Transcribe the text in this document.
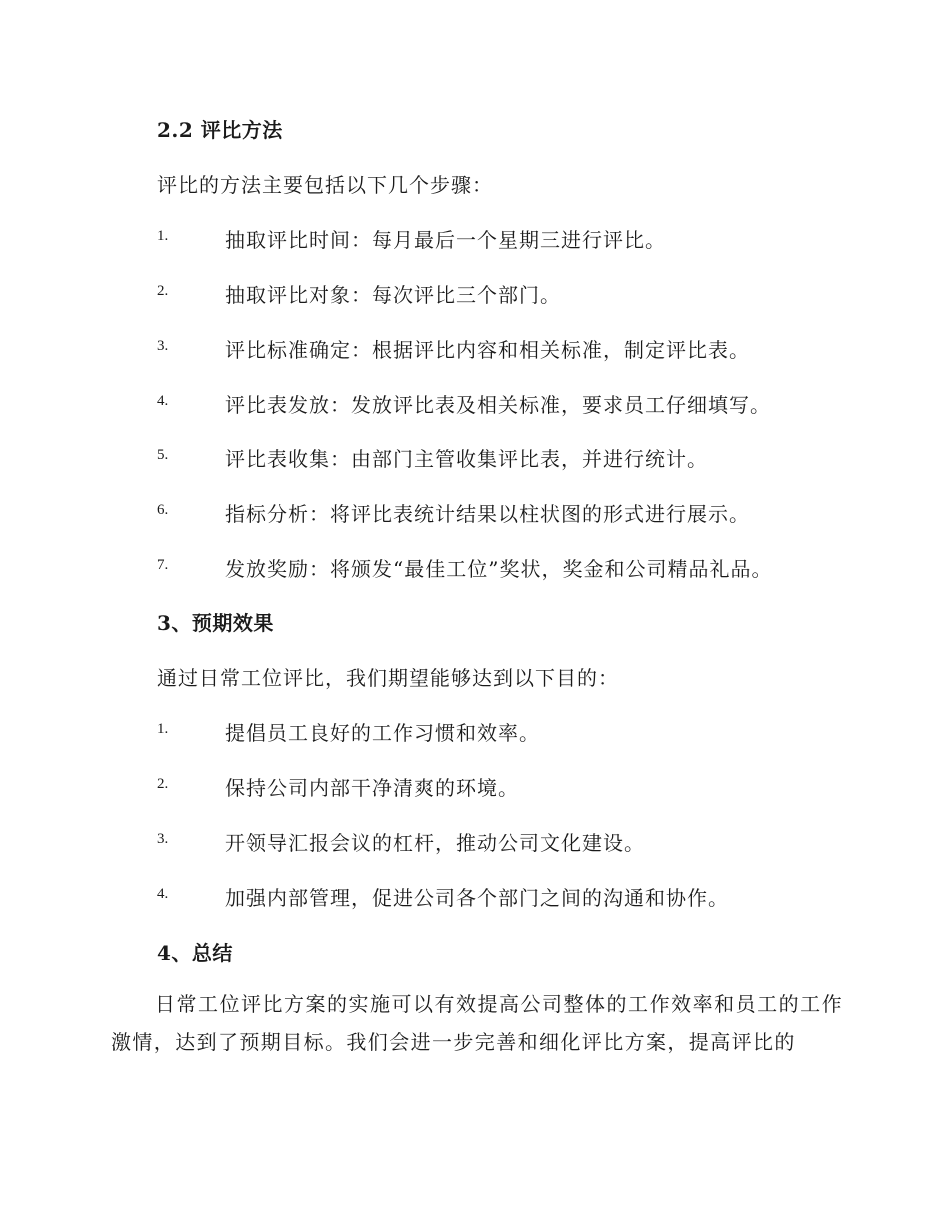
2.2 评比方法
评比的方法主要包括以下几个步骤：
1.	抽取评比时间：每月最后一个星期三进行评比。
2.	抽取评比对象：每次评比三个部门。
3.	评比标准确定：根据评比内容和相关标准，制定评比表。
4.	评比表发放：发放评比表及相关标准，要求员工仔细填写。
5.	评比表收集：由部门主管收集评比表，并进行统计。
6.	指标分析：将评比表统计结果以柱状图的形式进行展示。
7.	发放奖励：将颁发“最佳工位”奖状，奖金和公司精品礼品。
3、预期效果
通过日常工位评比，我们期望能够达到以下目的：
1.	提倡员工良好的工作习惯和效率。
2.	保持公司内部干净清爽的环境。
3.	开领导汇报会议的杠杆，推动公司文化建设。
4.	加强内部管理，促进公司各个部门之间的沟通和协作。
4、总结
日常工位评比方案的实施可以有效提高公司整体的工作效率和员工的工作激情，达到了预期目标。我们会进一步完善和细化评比方案，提高评比的
